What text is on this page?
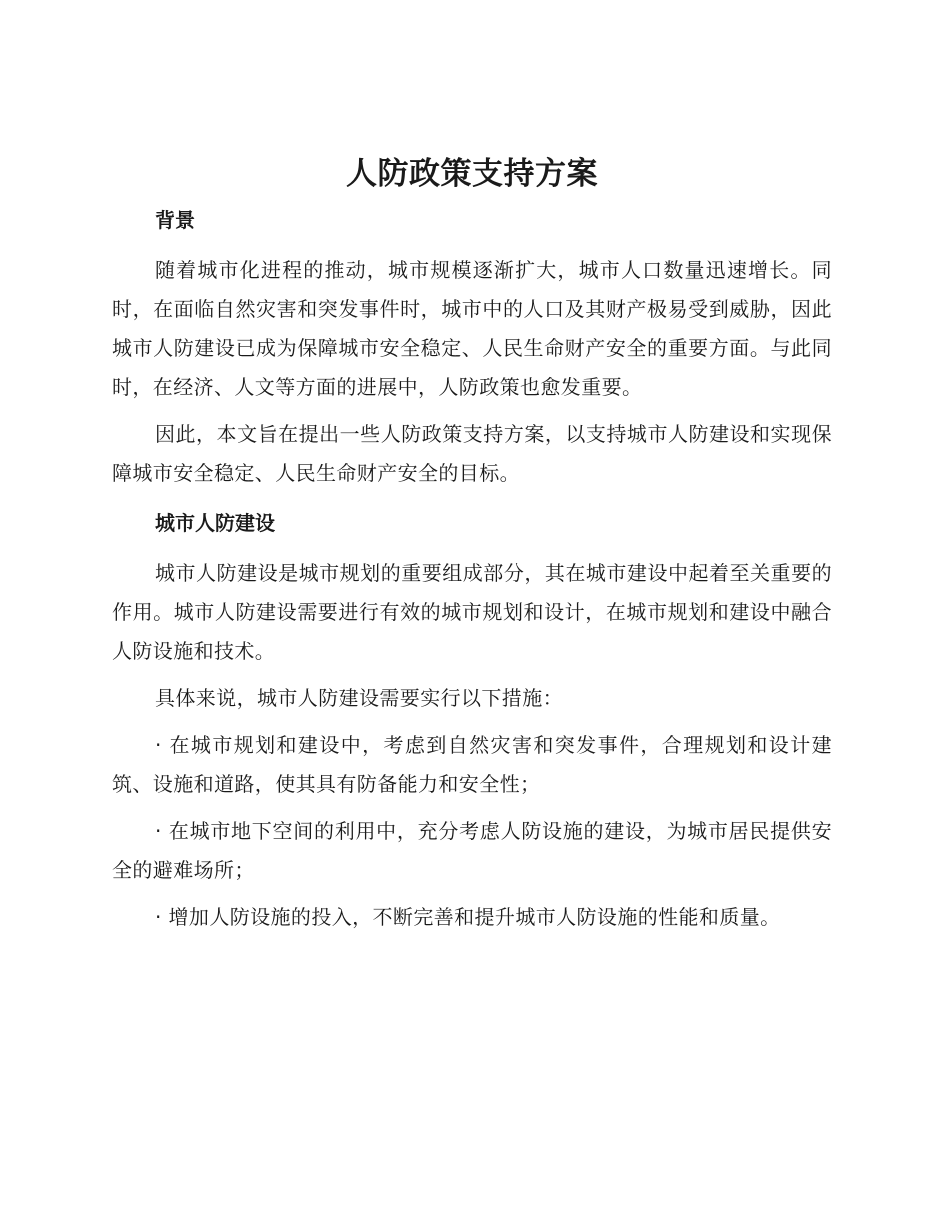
人防政策支持方案
背景

随着城市化进程的推动，城市规模逐渐扩大，城市人口数量迅速增长。同时，在面临自然灾害和突发事件时，城市中的人口及其财产极易受到威胁，因此城市人防建设已成为保障城市安全稳定、人民生命财产安全的重要方面。与此同时，在经济、人文等方面的进展中，人防政策也愈发重要。

因此，本文旨在提出一些人防政策支持方案，以支持城市人防建设和实现保障城市安全稳定、人民生命财产安全的目标。

城市人防建设

城市人防建设是城市规划的重要组成部分，其在城市建设中起着至关重要的作用。城市人防建设需要进行有效的城市规划和设计，在城市规划和建设中融合人防设施和技术。

具体来说，城市人防建设需要实行以下措施：

· 在城市规划和建设中，考虑到自然灾害和突发事件，合理规划和设计建筑、设施和道路，使其具有防备能力和安全性；

· 在城市地下空间的利用中，充分考虑人防设施的建设，为城市居民提供安全的避难场所；

· 增加人防设施的投入，不断完善和提升城市人防设施的性能和质量。
